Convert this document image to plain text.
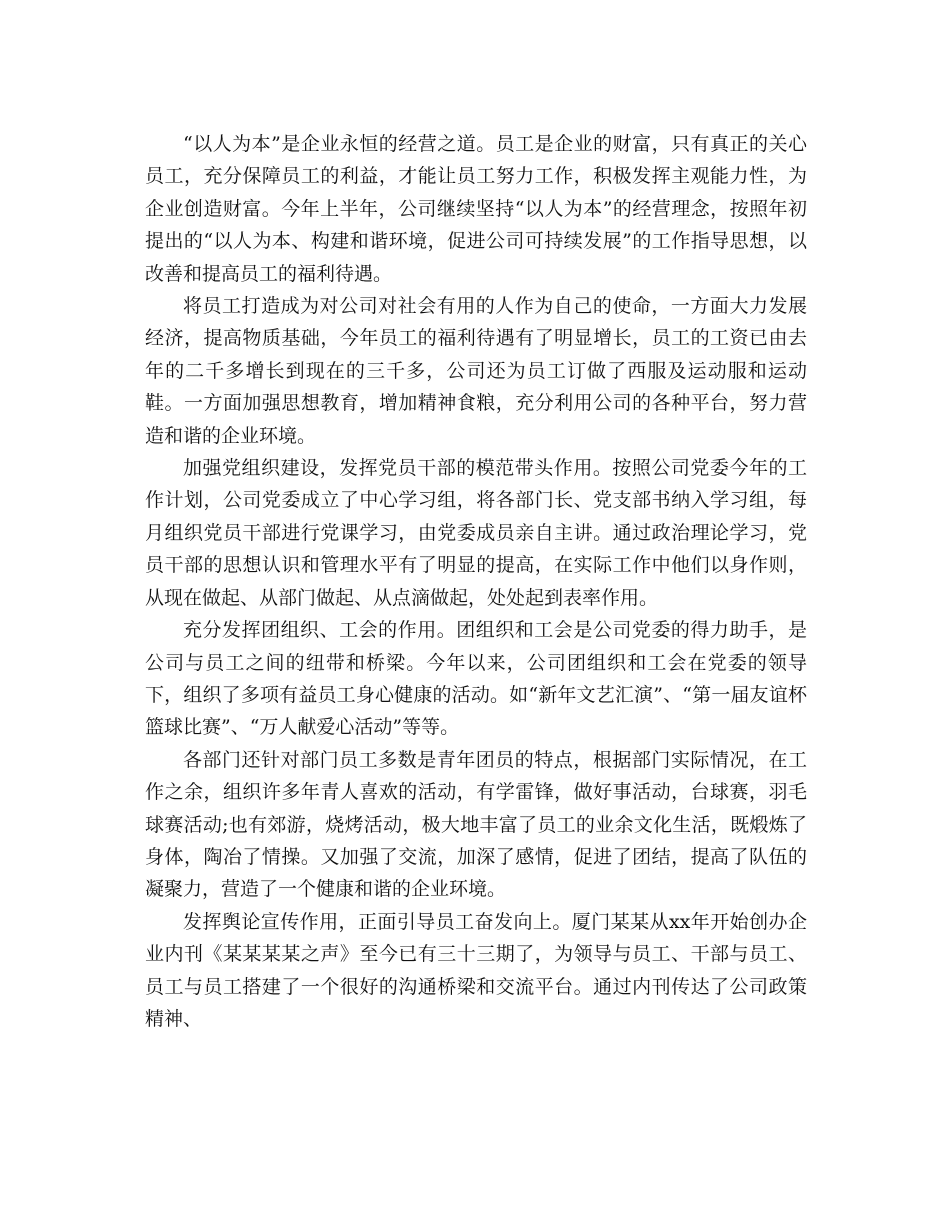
“以人为本”是企业永恒的经营之道。员工是企业的财富，只有真正的关心员工，充分保障员工的利益，才能让员工努力工作，积极发挥主观能力性，为企业创造财富。今年上半年，公司继续坚持“以人为本”的经营理念，按照年初提出的“以人为本、构建和谐环境，促进公司可持续发展”的工作指导思想，以改善和提高员工的福利待遇。

将员工打造成为对公司对社会有用的人作为自己的使命，一方面大力发展经济，提高物质基础，今年员工的福利待遇有了明显增长，员工的工资已由去年的二千多增长到现在的三千多，公司还为员工订做了西服及运动服和运动鞋。一方面加强思想教育，增加精神食粮，充分利用公司的各种平台，努力营造和谐的企业环境。

加强党组织建设，发挥党员干部的模范带头作用。按照公司党委今年的工作计划，公司党委成立了中心学习组，将各部门长、党支部书纳入学习组，每月组织党员干部进行党课学习，由党委成员亲自主讲。通过政治理论学习，党员干部的思想认识和管理水平有了明显的提高，在实际工作中他们以身作则，从现在做起、从部门做起、从点滴做起，处处起到表率作用。

充分发挥团组织、工会的作用。团组织和工会是公司党委的得力助手，是公司与员工之间的纽带和桥梁。今年以来，公司团组织和工会在党委的领导下，组织了多项有益员工身心健康的活动。如“新年文艺汇演”、“第一届友谊杯篮球比赛”、“万人献爱心活动”等等。

各部门还针对部门员工多数是青年团员的特点，根据部门实际情况，在工作之余，组织许多年青人喜欢的活动，有学雷锋，做好事活动，台球赛，羽毛球赛活动;也有郊游，烧烤活动，极大地丰富了员工的业余文化生活，既煅炼了身体，陶冶了情操。又加强了交流，加深了感情，促进了团结，提高了队伍的凝聚力，营造了一个健康和谐的企业环境。

发挥舆论宣传作用，正面引导员工奋发向上。厦门某某从xx年开始创办企业内刊《某某某某之声》至今已有三十三期了，为领导与员工、干部与员工、员工与员工搭建了一个很好的沟通桥梁和交流平台。通过内刊传达了公司政策精神、
